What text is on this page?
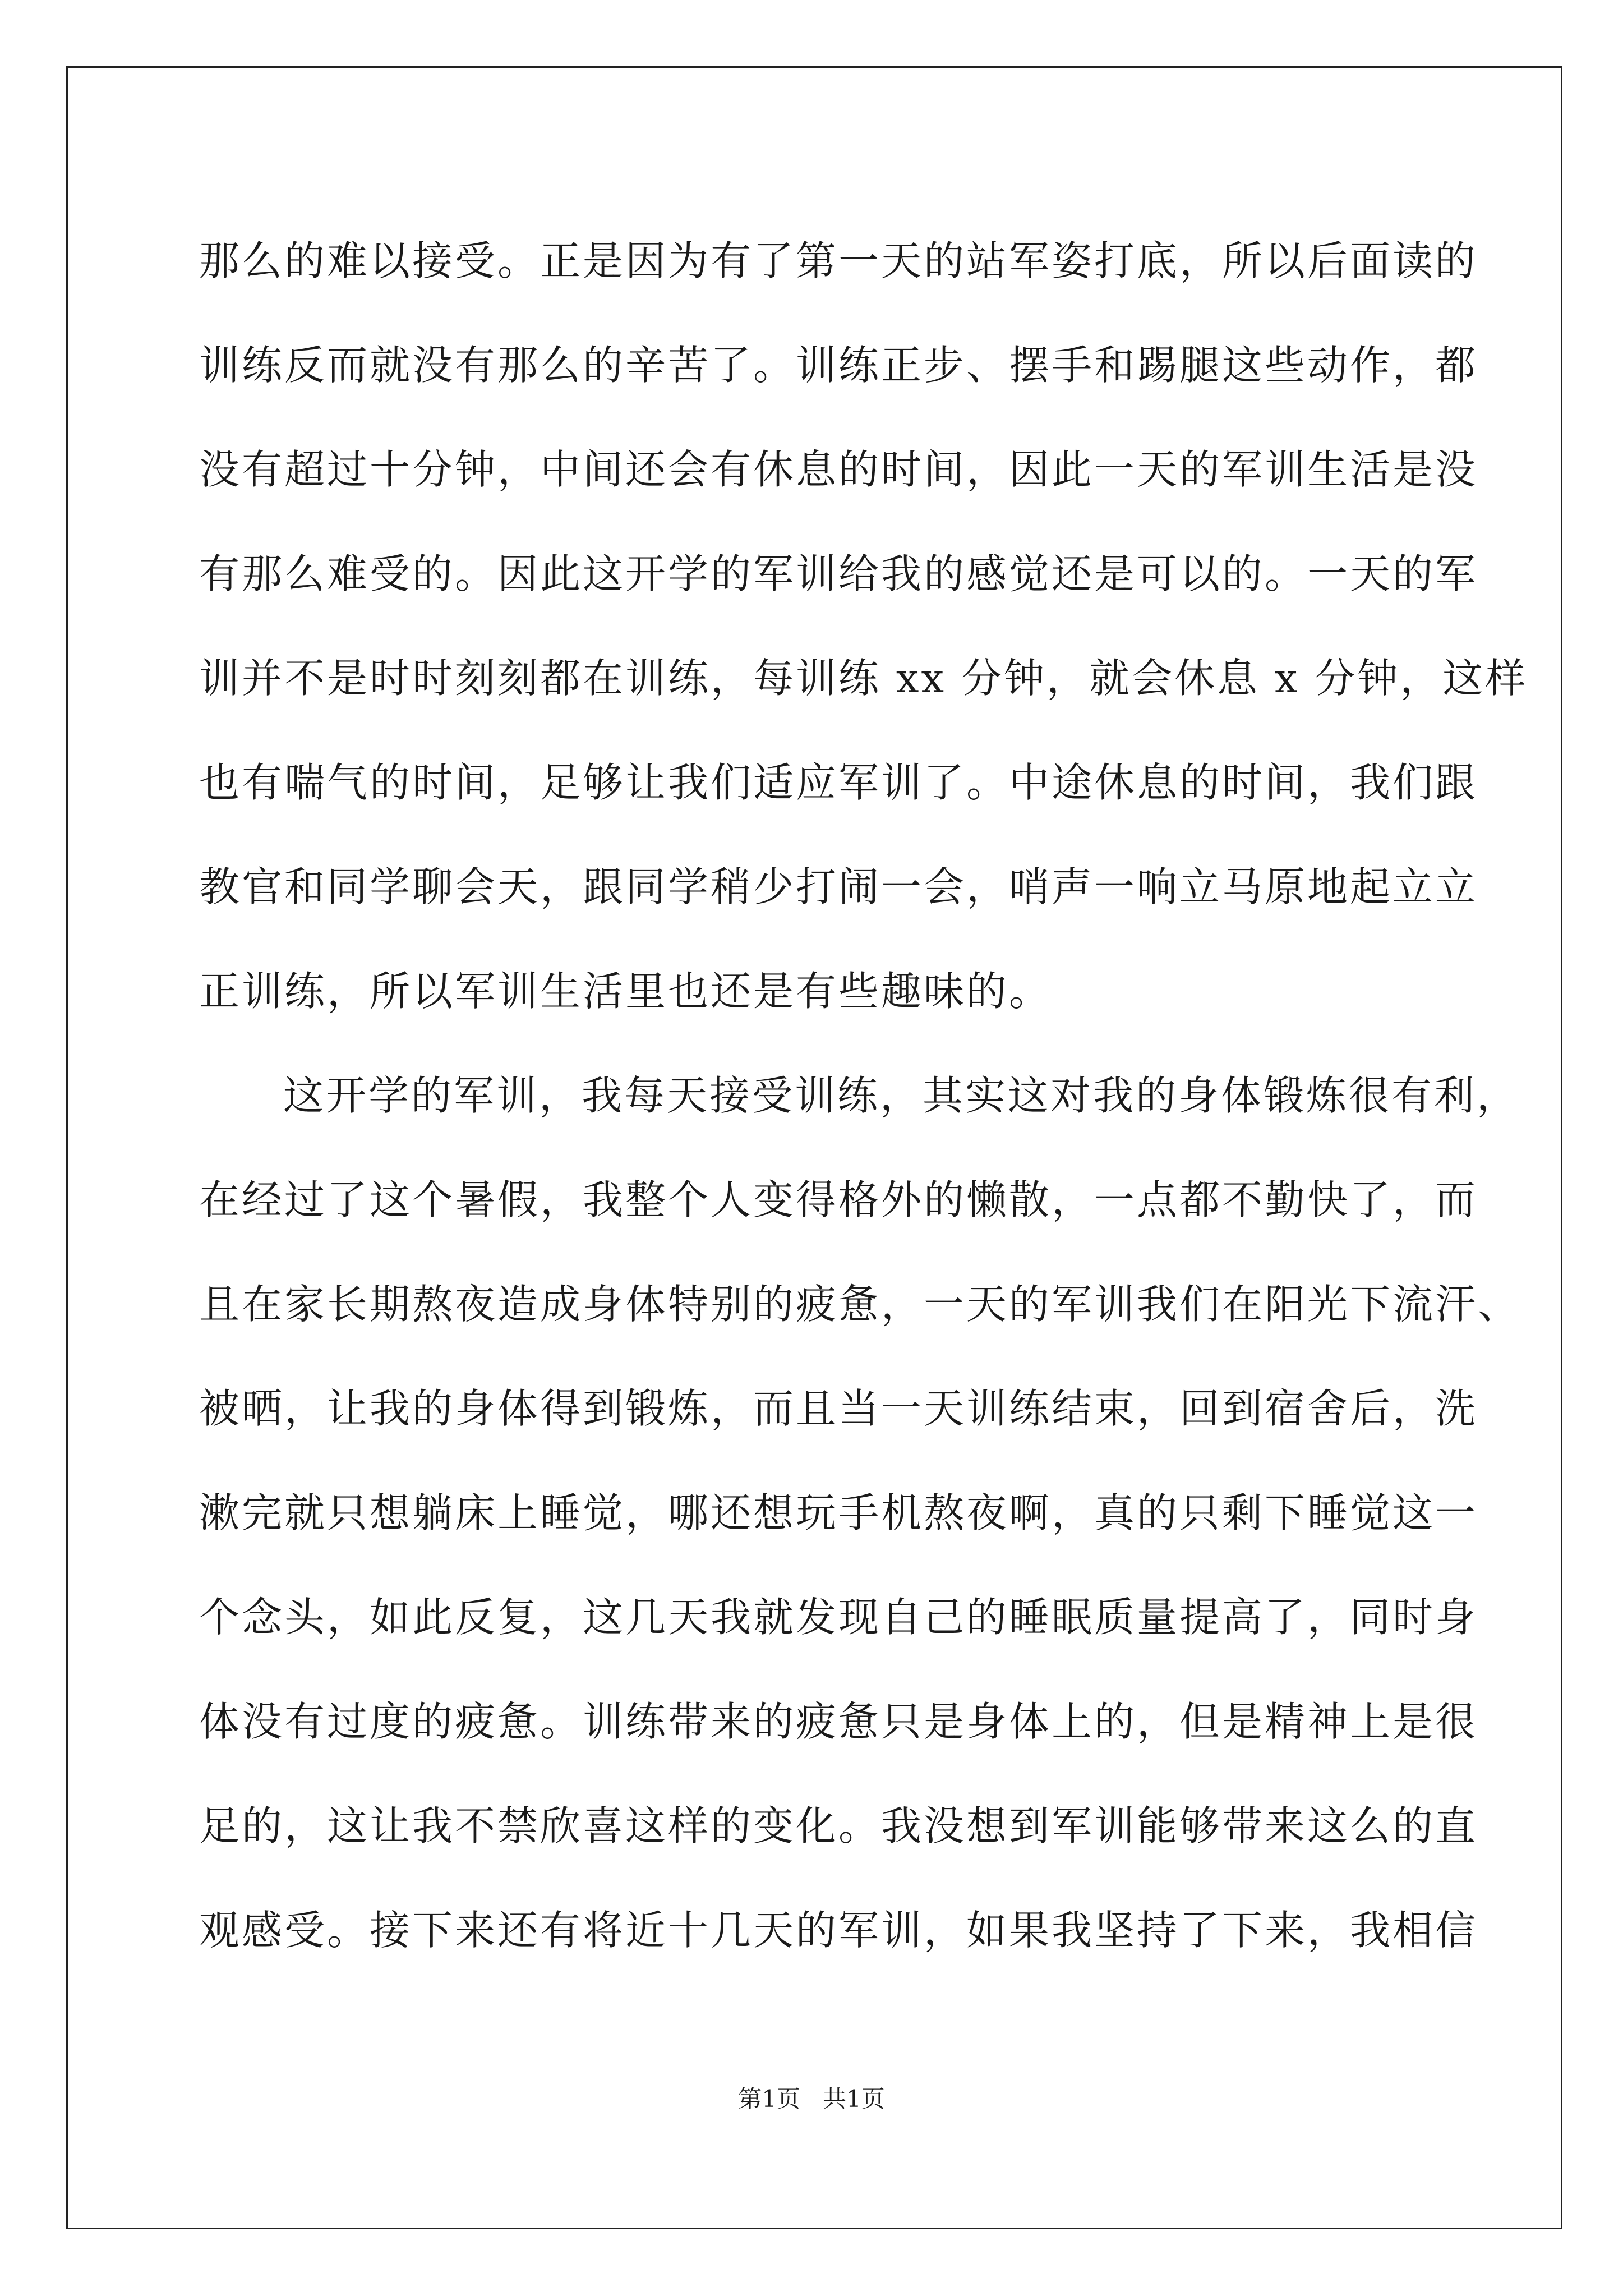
那么的难以接受。正是因为有了第一天的站军姿打底，所以后面读的
训练反而就没有那么的辛苦了。训练正步、摆手和踢腿这些动作，都
没有超过十分钟，中间还会有休息的时间，因此一天的军训生活是没
有那么难受的。因此这开学的军训给我的感觉还是可以的。一天的军
训并不是时时刻刻都在训练，每训练 xx 分钟，就会休息 x 分钟，这样
也有喘气的时间，足够让我们适应军训了。中途休息的时间，我们跟
教官和同学聊会天，跟同学稍少打闹一会，哨声一响立马原地起立立
正训练，所以军训生活里也还是有些趣味的。
这开学的军训，我每天接受训练，其实这对我的身体锻炼很有利，
在经过了这个暑假，我整个人变得格外的懒散，一点都不勤快了，而
且在家长期熬夜造成身体特别的疲惫，一天的军训我们在阳光下流汗、
被晒，让我的身体得到锻炼，而且当一天训练结束，回到宿舍后，洗
漱完就只想躺床上睡觉，哪还想玩手机熬夜啊，真的只剩下睡觉这一
个念头，如此反复，这几天我就发现自己的睡眠质量提高了，同时身
体没有过度的疲惫。训练带来的疲惫只是身体上的，但是精神上是很
足的，这让我不禁欣喜这样的变化。我没想到军训能够带来这么的直
观感受。接下来还有将近十几天的军训，如果我坚持了下来，我相信
第1页   共1页
